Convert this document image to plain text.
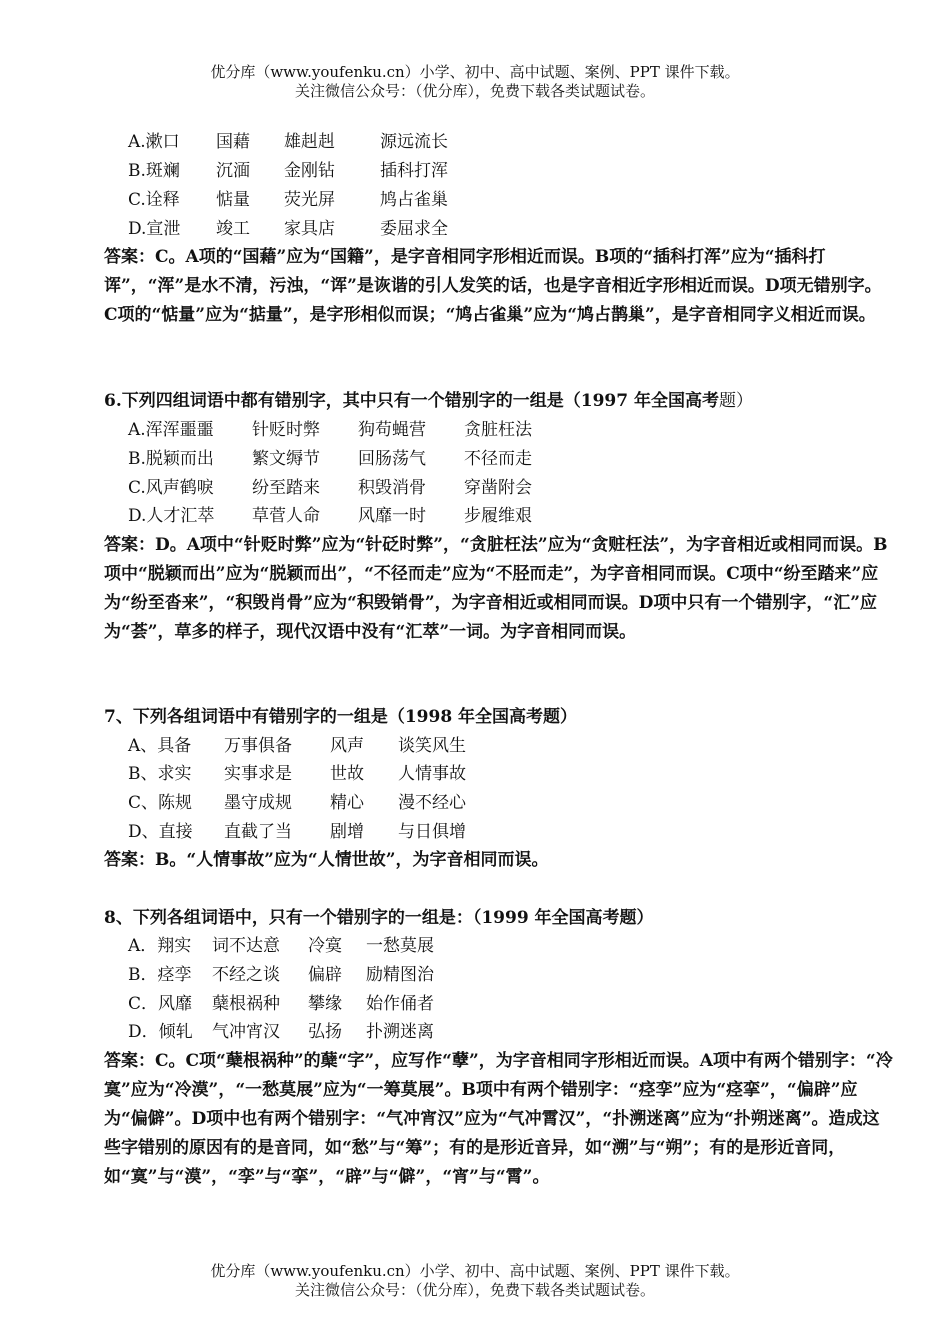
优分库（www.youfenku.cn）小学、初中、高中试题、案例、PPT 课件下载。
关注微信公众号：（优分库），免费下载各类试题试卷。
A.漱口 国藉 雄赳赳	源远流长
B.斑斓 沉湎 金刚钻	插科打浑
C.诠释 惦量 荧光屏	鸠占雀巢
D.宣泄 竣工 家具店	委屈求全
答案：C。A项的“国藉”应为“国籍”，是字音相同字形相近而误。B项的“插科打浑”应为“插科打诨”，“浑”是水不清，污浊，“诨”是诙谐的引人发笑的话，也是字音相近字形相近而误。D项无错别字。C项的“惦量”应为“掂量”，是字形相似而误；“鸠占雀巢”应为“鸠占鹊巢”，是字音相同字义相近而误。
6.下列四组词语中都有错别字，其中只有一个错别字的一组是（1997 年全国高考题）
A.浑浑噩噩 针贬时弊 狗苟蝇营 贪脏枉法
B.脱颖而出 繁文缛节 回肠荡气 不径而走
C.风声鹤唳 纷至踏来 积毁消骨 穿凿附会
D.人才汇萃 草菅人命 风靡一时 步履维艰
答案：D。A项中“针贬时弊”应为“针砭时弊”，“贪脏枉法”应为“贪赃枉法”，为字音相近或相同而误。B项中“脱颖而出”应为“脱颖而出”，“不径而走”应为“不胫而走”，为字音相同而误。C项中“纷至踏来”应为“纷至沓来”，“积毁肖骨”应为“积毁销骨”，为字音相近或相同而误。D项中只有一个错别字，“汇”应为“荟”，草多的样子，现代汉语中没有“汇萃”一词。为字音相同而误。
7、下列各组词语中有错别字的一组是（1998 年全国高考题）
A、具备 万事俱备 风声 谈笑风生
B、求实 实事求是 世故 人情事故
C、陈规 墨守成规 精心 漫不经心
D、直接 直截了当 剧增 与日俱增
答案：B。“人情事故”应为“人情世故”，为字音相同而误。
8、下列各组词语中，只有一个错别字的一组是：（1999 年全国高考题）
A．翔实 词不达意 冷寞 一愁莫展
B．痉孪 不经之谈 偏辟 励精图治
C．风靡 蘖根祸种 攀缘 始作俑者
D．倾轧 气冲宵汉 弘扬 扑溯迷离
答案：C。C项“蘖根祸种”的蘖“字”，应写作“孽”，为字音相同字形相近而误。A项中有两个错别字：“冷寞”应为“冷漠”，“一愁莫展”应为“一筹莫展”。B项中有两个错别字：“痉孪”应为“痉挛”，“偏辟”应为“偏僻”。D项中也有两个错别字：“气冲宵汉”应为“气冲霄汉”，“扑溯迷离”应为“扑朔迷离”。造成这些字错别的原因有的是音同，如“愁”与“筹”；有的是形近音异，如“溯”与“朔”；有的是形近音同，如“寞”与“漠”，“孪”与“挛”，“辟”与“僻”，“宵”与“霄”。
优分库（www.youfenku.cn）小学、初中、高中试题、案例、PPT 课件下载。
关注微信公众号：（优分库），免费下载各类试题试卷。
